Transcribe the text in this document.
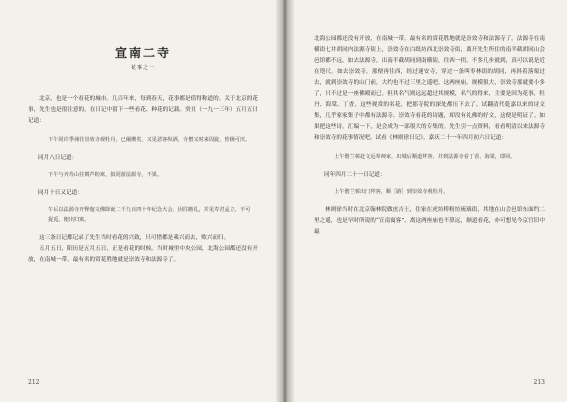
宣南二寺
花事之一

北京，也是一个看花的城市。几百年来，每到春天，花事都是值得称道的。关于北京的花事，先生也是很注意的，在日记中留下一些看花、种花的记载。癸丑（一九一三年）五月五日记道：

下午同许季茀往崇效寺观牡丹，已阑珊矣，又见恶客纵酒，寺僧又时来周旋，皆极可厌。

同月八日记道：

下午与齐寿山往徵芦粉寓，拟同游法源寺，不果。

同月十日又记道：

午后以法源寺开释迦文佛降诞二千九百四十年纪念大会，因往瞻礼，并见寿君孟立，不可捉觅，便出归寓。

这三条日记都记录了先生当时看花的兴致，只可惜都是乘兴而去，败兴而归。

五月五日，阳历是五月五日，正是看花的时候。当时城里中央公园，北海公园都还没有开放，在南城一带，最有名的赏花胜地就是崇效寺和法源寺了。

212

北海公园都还没有开放，在南城一带，最有名的赏花胜地就是崇效寺和法源寺了。法源寺在南横街七井胡同内法源寺街上，崇效寺在白纸坊西北崇效寺街，离开先生所住的南半截胡同山会邑馆都不远。如去法源寺，出南半截胡同到南横街，往西一拐，不多几步就到，真可以说是近在咫尺。如去崇效寺，那便再往西，经过迷安寺，穿过一条叫枣林街的胡同，再斜着落栗过去，就到崇效寺的山门前，大约也不过三里之遥吧。这两座庙，规模很大，崇效寺那就要小多了，只不过是一座佛殿而已。但其名气则远远超过其规模，名气的得来，主要是因为花事，牡丹、海棠、丁香，这些观赏的名花，把那寺院的深处都压下去了。试翻清代乾嘉以来的诗文集，几乎家家集子中都有法源寺、崇效寺看花的诗题，却没有礼佛的好文，这便是明证了。如果把这些诗，汇编一下，是会成为一部很大的专集的。先生引一点资料，看看明清以来法源寺和崇效寺的花事情况吧。试看《林则徐日记》，嘉庆二十一年四月初六日记道：

上午偕兰邨赴文远奉师家，出城后顺道拜客，并到法源寺看丁香、海棠，即回。

同年四月二十一日记道：

上午偕兰邨出门拜客，顺［路］到崇效寺观牡丹。

林则徐当时在北京翰林院做庶吉士，住家在虎坊桥粉坊琉璃街，其地在山会邑馆东面约二里之遥，也是早时所说的“宣南寓客”，离这两座庙也不算远，顺道看花，亦可想见今京官旧中最

213
